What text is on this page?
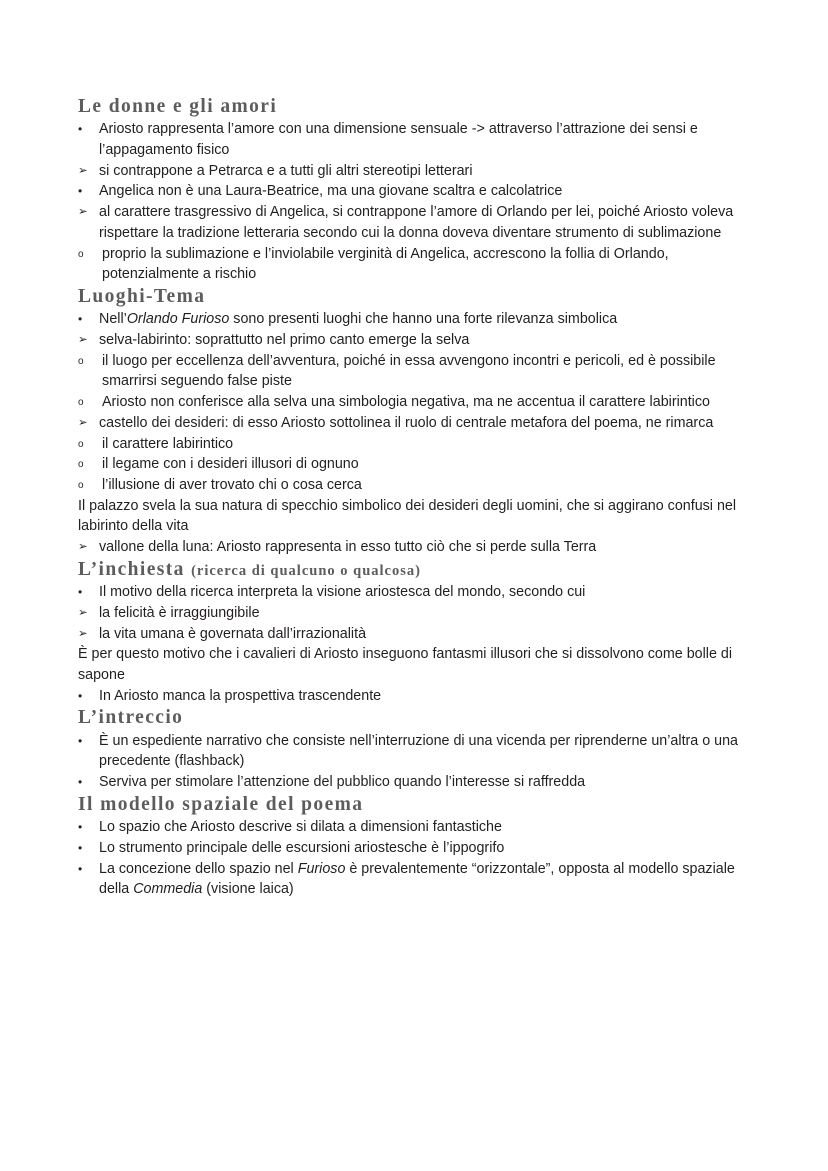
Le donne e gli amori
•	Ariosto rappresenta l’amore con una dimensione sensuale -> attraverso l’attrazione dei sensi e l’appagamento fisico
➢ si contrappone a Petrarca e a tutti gli altri stereotipi letterari
•	Angelica non è una Laura-Beatrice, ma una giovane scaltra e calcolatrice
➢ al carattere trasgressivo di Angelica, si contrappone l’amore di Orlando per lei, poiché Ariosto voleva rispettare la tradizione letteraria secondo cui la donna doveva diventare strumento di sublimazione
o	proprio la sublimazione e l’inviolabile verginità di Angelica, accrescono la follia di Orlando, potenzialmente a rischio
Luoghi-Tema
•	Nell’Orlando Furioso sono presenti luoghi che hanno una forte rilevanza simbolica
➢ selva-labirinto: soprattutto nel primo canto emerge la selva
o	il luogo per eccellenza dell’avventura, poiché in essa avvengono incontri e pericoli, ed è possibile smarrirsi seguendo false piste
o	Ariosto non conferisce alla selva una simbologia negativa, ma ne accentua il carattere labirintico
➢ castello dei desideri: di esso Ariosto sottolinea il ruolo di centrale metafora del poema, ne rimarca
o	il carattere labirintico
o	il legame con i desideri illusori di ognuno
o	l’illusione di aver trovato chi o cosa cerca

Il palazzo svela la sua natura di specchio simbolico dei desideri degli uomini, che si aggirano confusi nel labirinto della vita

➢ vallone della luna: Ariosto rappresenta in esso tutto ciò che si perde sulla Terra
L’inchiesta (ricerca di qualcuno o qualcosa)
•	Il motivo della ricerca interpreta la visione ariostesca del mondo, secondo cui
➢ la felicità è irraggiungibile
➢ la vita umana è governata dall’irrazionalità

È per questo motivo che i cavalieri di Ariosto inseguono fantasmi illusori che si dissolvono come bolle di sapone

•	In Ariosto manca la prospettiva trascendente
L’intreccio
•	È un espediente narrativo che consiste nell’interruzione di una vicenda per riprenderne un’altra o una precedente (flashback)
•	Serviva per stimolare l’attenzione del pubblico quando l’interesse si raffredda
Il modello spaziale del poema
•	Lo spazio che Ariosto descrive si dilata a dimensioni fantastiche
•	Lo strumento principale delle escursioni ariostesche è l’ippogrifo
•	La concezione dello spazio nel Furioso è prevalentemente “orizzontale”, opposta al modello spaziale della Commedia (visione laica)
